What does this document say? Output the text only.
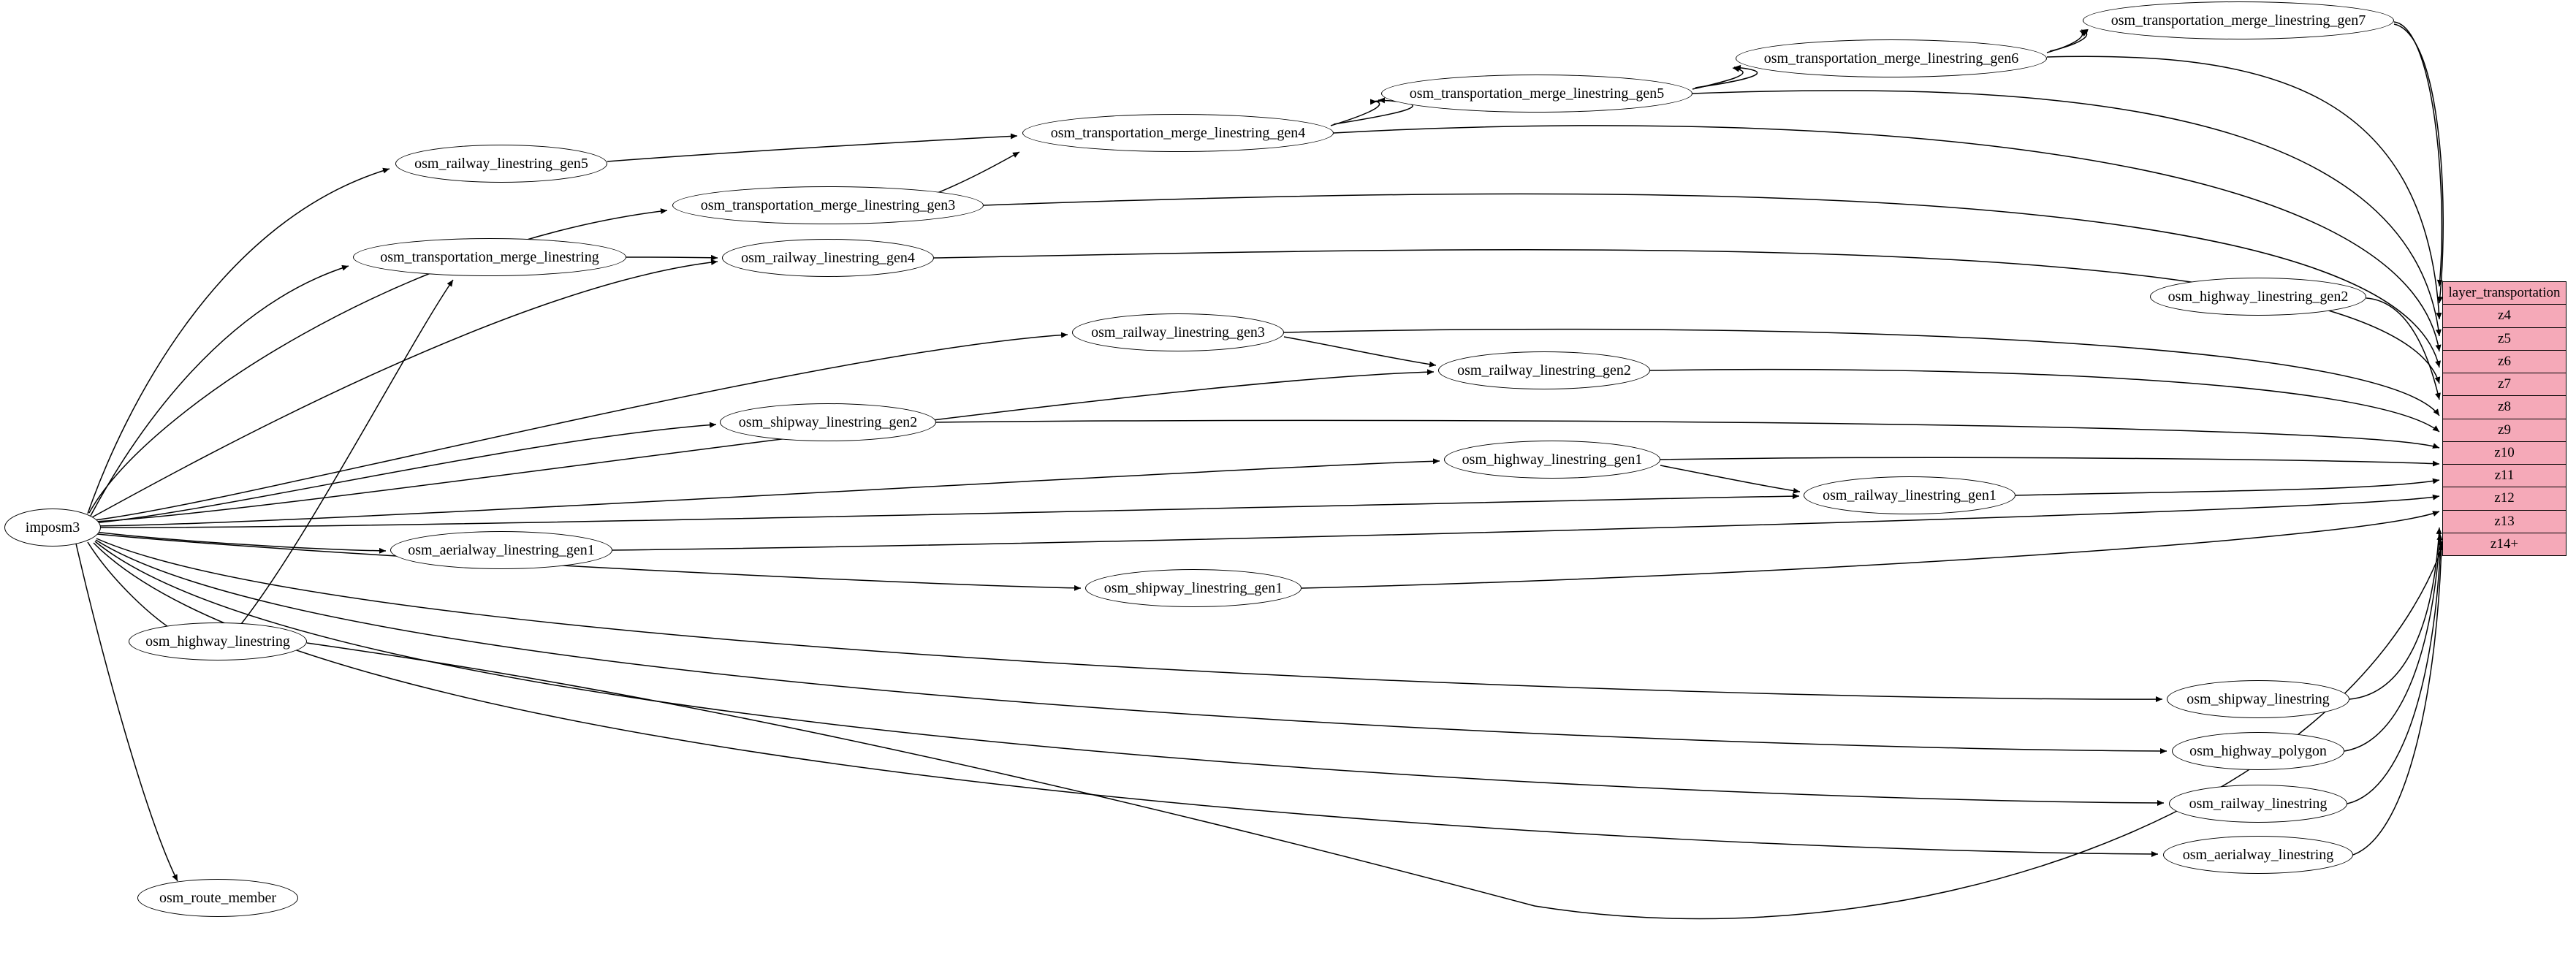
imposm3
osm_railway_linestring_gen5
osm_transportation_merge_linestring
osm_transportation_merge_linestring_gen3
osm_transportation_merge_linestring_gen4
osm_transportation_merge_linestring_gen5
osm_transportation_merge_linestring_gen6
osm_transportation_merge_linestring_gen7
osm_railway_linestring_gen4
osm_railway_linestring_gen3
osm_railway_linestring_gen2
osm_railway_linestring_gen1
osm_shipway_linestring_gen2
osm_shipway_linestring_gen1
osm_highway_linestring_gen2
osm_highway_linestring_gen1
osm_aerialway_linestring_gen1
osm_highway_linestring
osm_route_member
osm_shipway_linestring
osm_highway_polygon
osm_railway_linestring
osm_aerialway_linestring
layer_transportation
z4
z5
z6
z7
z8
z9
z10
z11
z12
z13
z14+
